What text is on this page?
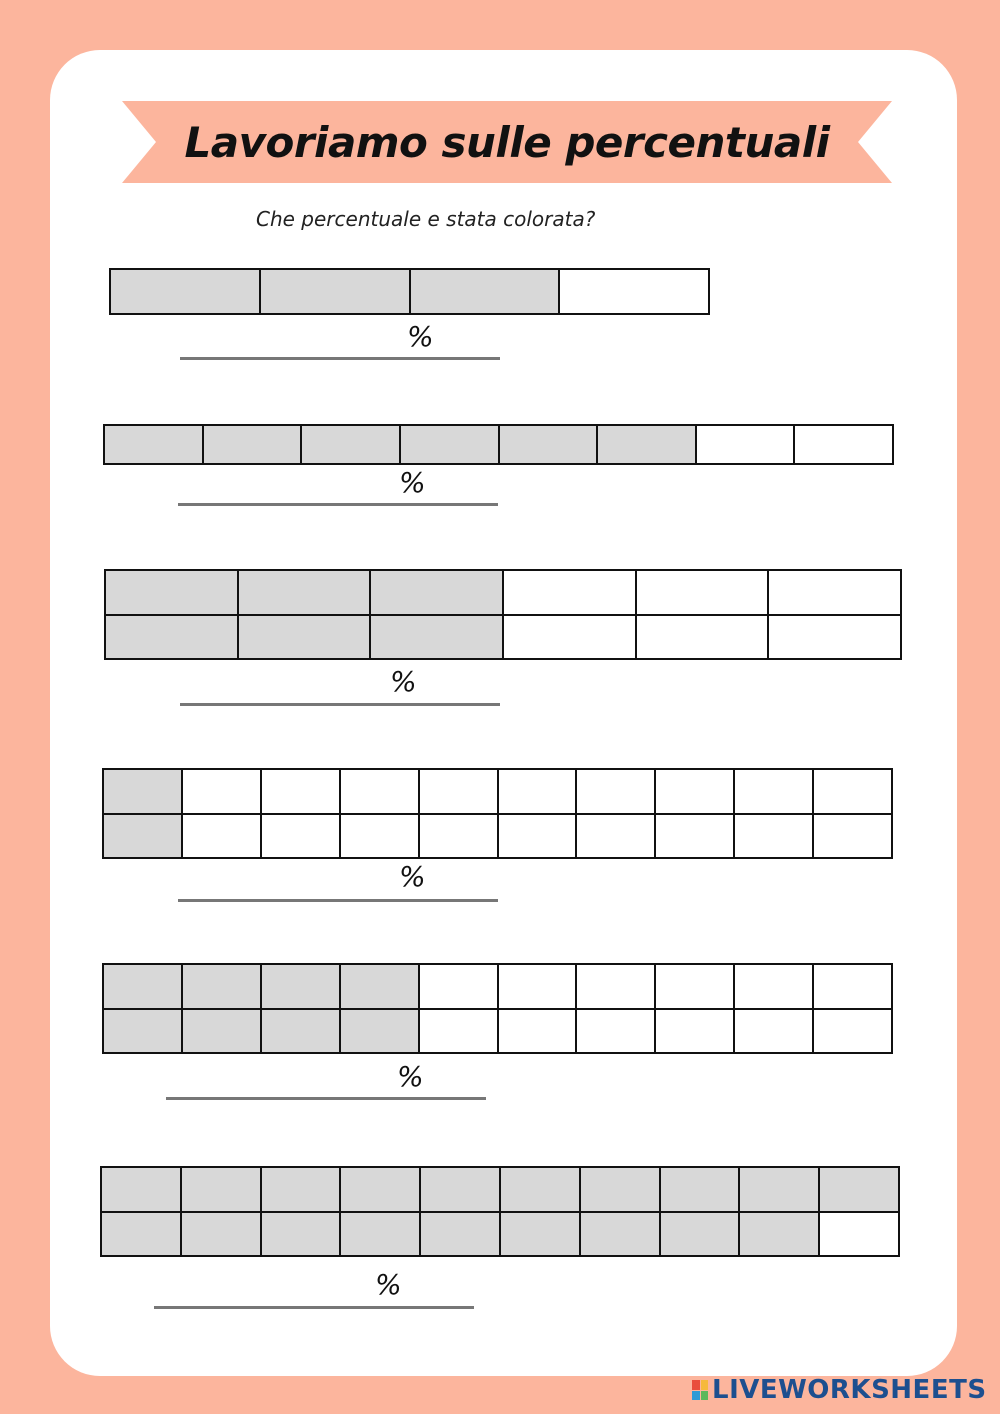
Lavoriamo sulle percentuali
Che percentuale e stata colorata?
%
%
%
%
%
%
LIVEWORKSHEETS
